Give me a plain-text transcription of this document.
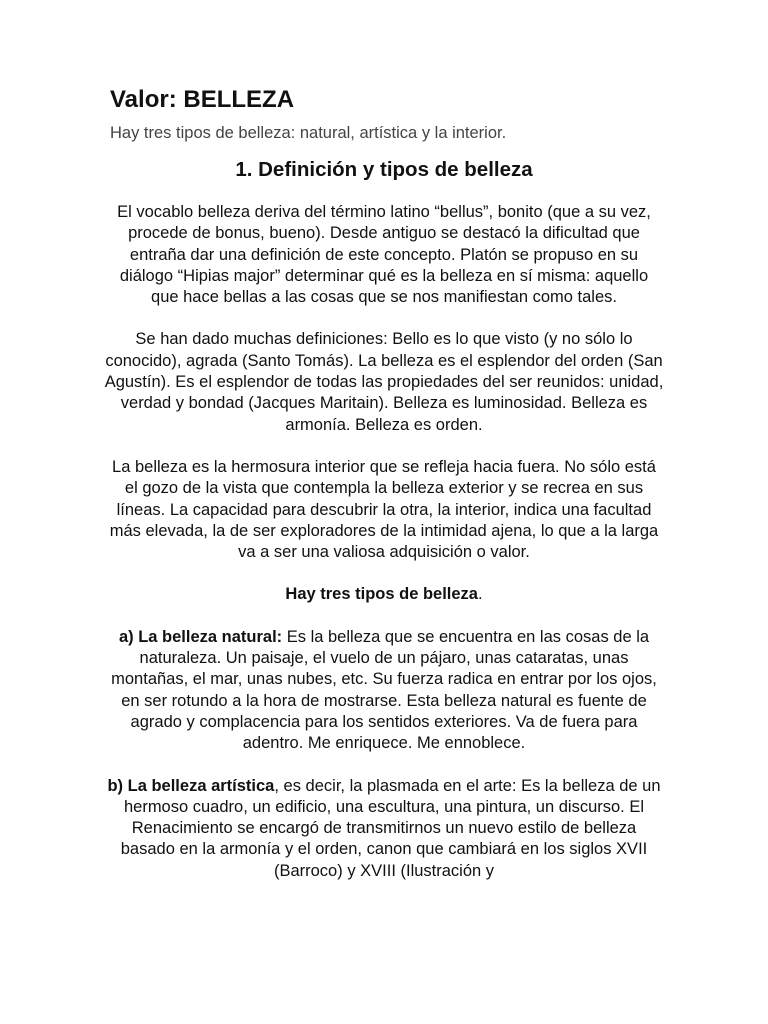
Valor: BELLEZA

Hay tres tipos de belleza: natural, artística y la interior.

1. Definición y tipos de belleza

El vocablo belleza deriva del término latino “bellus”, bonito (que a su vez, procede de bonus, bueno). Desde antiguo se destacó la dificultad que entraña dar una definición de este concepto. Platón se propuso en su diálogo “Hipias major” determinar qué es la belleza en sí misma: aquello que hace bellas a las cosas que se nos manifiestan como tales.

Se han dado muchas definiciones: Bello es lo que visto (y no sólo lo conocido), agrada (Santo Tomás). La belleza es el esplendor del orden (San Agustín). Es el esplendor de todas las propiedades del ser reunidos: unidad, verdad y bondad (Jacques Maritain). Belleza es luminosidad. Belleza es armonía. Belleza es orden.

La belleza es la hermosura interior que se refleja hacia fuera. No sólo está el gozo de la vista que contempla la belleza exterior y se recrea en sus líneas. La capacidad para descubrir la otra, la interior, indica una facultad más elevada, la de ser exploradores de la intimidad ajena, lo que a la larga va a ser una valiosa adquisición o valor.

Hay tres tipos de belleza.

a) La belleza natural: Es la belleza que se encuentra en las cosas de la naturaleza. Un paisaje, el vuelo de un pájaro, unas cataratas, unas montañas, el mar, unas nubes, etc. Su fuerza radica en entrar por los ojos, en ser rotundo a la hora de mostrarse. Esta belleza natural es fuente de agrado y complacencia para los sentidos exteriores. Va de fuera para adentro. Me enriquece. Me ennoblece.

b) La belleza artística, es decir, la plasmada en el arte: Es la belleza de un hermoso cuadro, un edificio, una escultura, una pintura, un discurso. El Renacimiento se encargó de transmitirnos un nuevo estilo de belleza basado en la armonía y el orden, canon que cambiará en los siglos XVII (Barroco) y XVIII (Ilustración y
